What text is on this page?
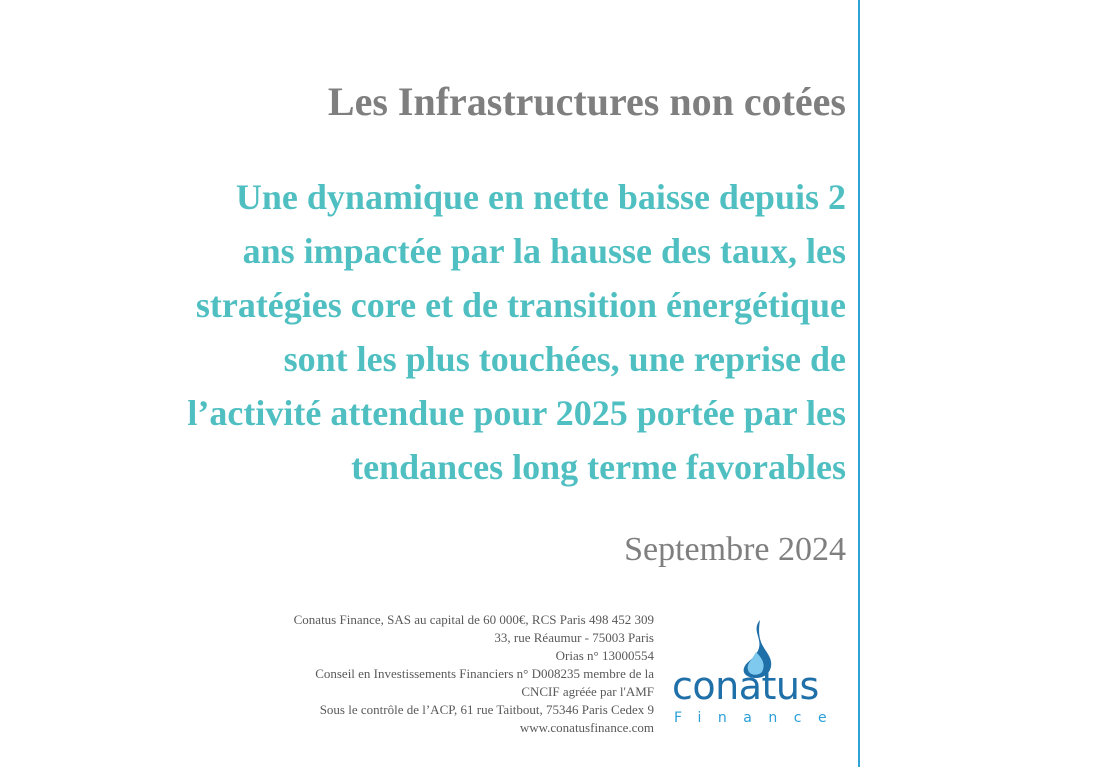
Les Infrastructures non cotées
Une dynamique en nette baisse depuis 2
ans impactée par la hausse des taux, les
stratégies core et de transition énergétique
sont les plus touchées, une reprise de
l’activité attendue pour 2025 portée par les
tendances long terme favorables
Septembre 2024
Conatus Finance, SAS au capital de 60 000€, RCS Paris 498 452 309
33, rue Réaumur - 75003 Paris
Orias n° 13000554
Conseil en Investissements Financiers n° D008235 membre de la
CNCIF agréée par l'AMF
Sous le contrôle de l’ACP, 61 rue Taitbout, 75346 Paris Cedex 9
www.conatusfinance.com
conatus
Finance
